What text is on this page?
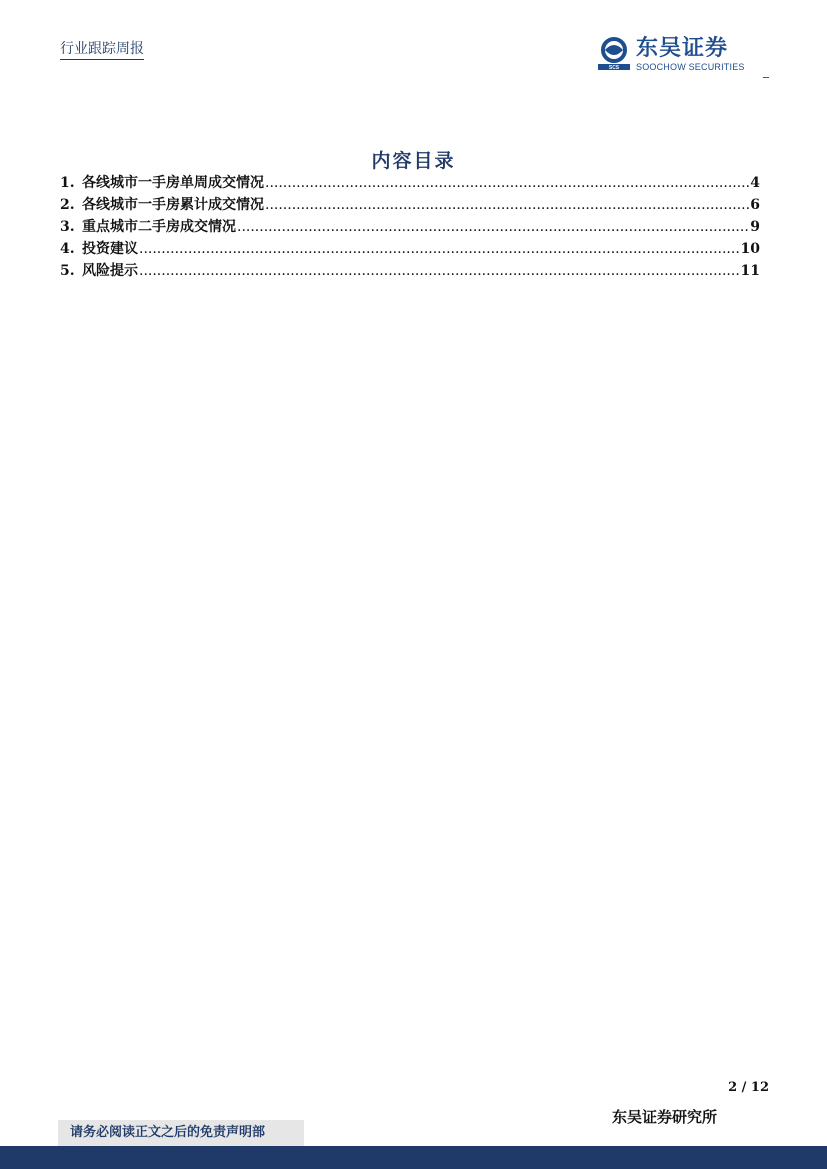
行业跟踪周报
SCS
东吴证券
SOOCHOW SECURITIES
内容目录
1. 各线城市一手房单周成交情况 .....	4
2. 各线城市一手房累计成交情况 .....	6
3. 重点城市二手房成交情况 .....	9
4. 投资建议 .....	10
5. 风险提示 .....	11
2 / 12
东吴证券研究所
请务必阅读正文之后的免责声明部
